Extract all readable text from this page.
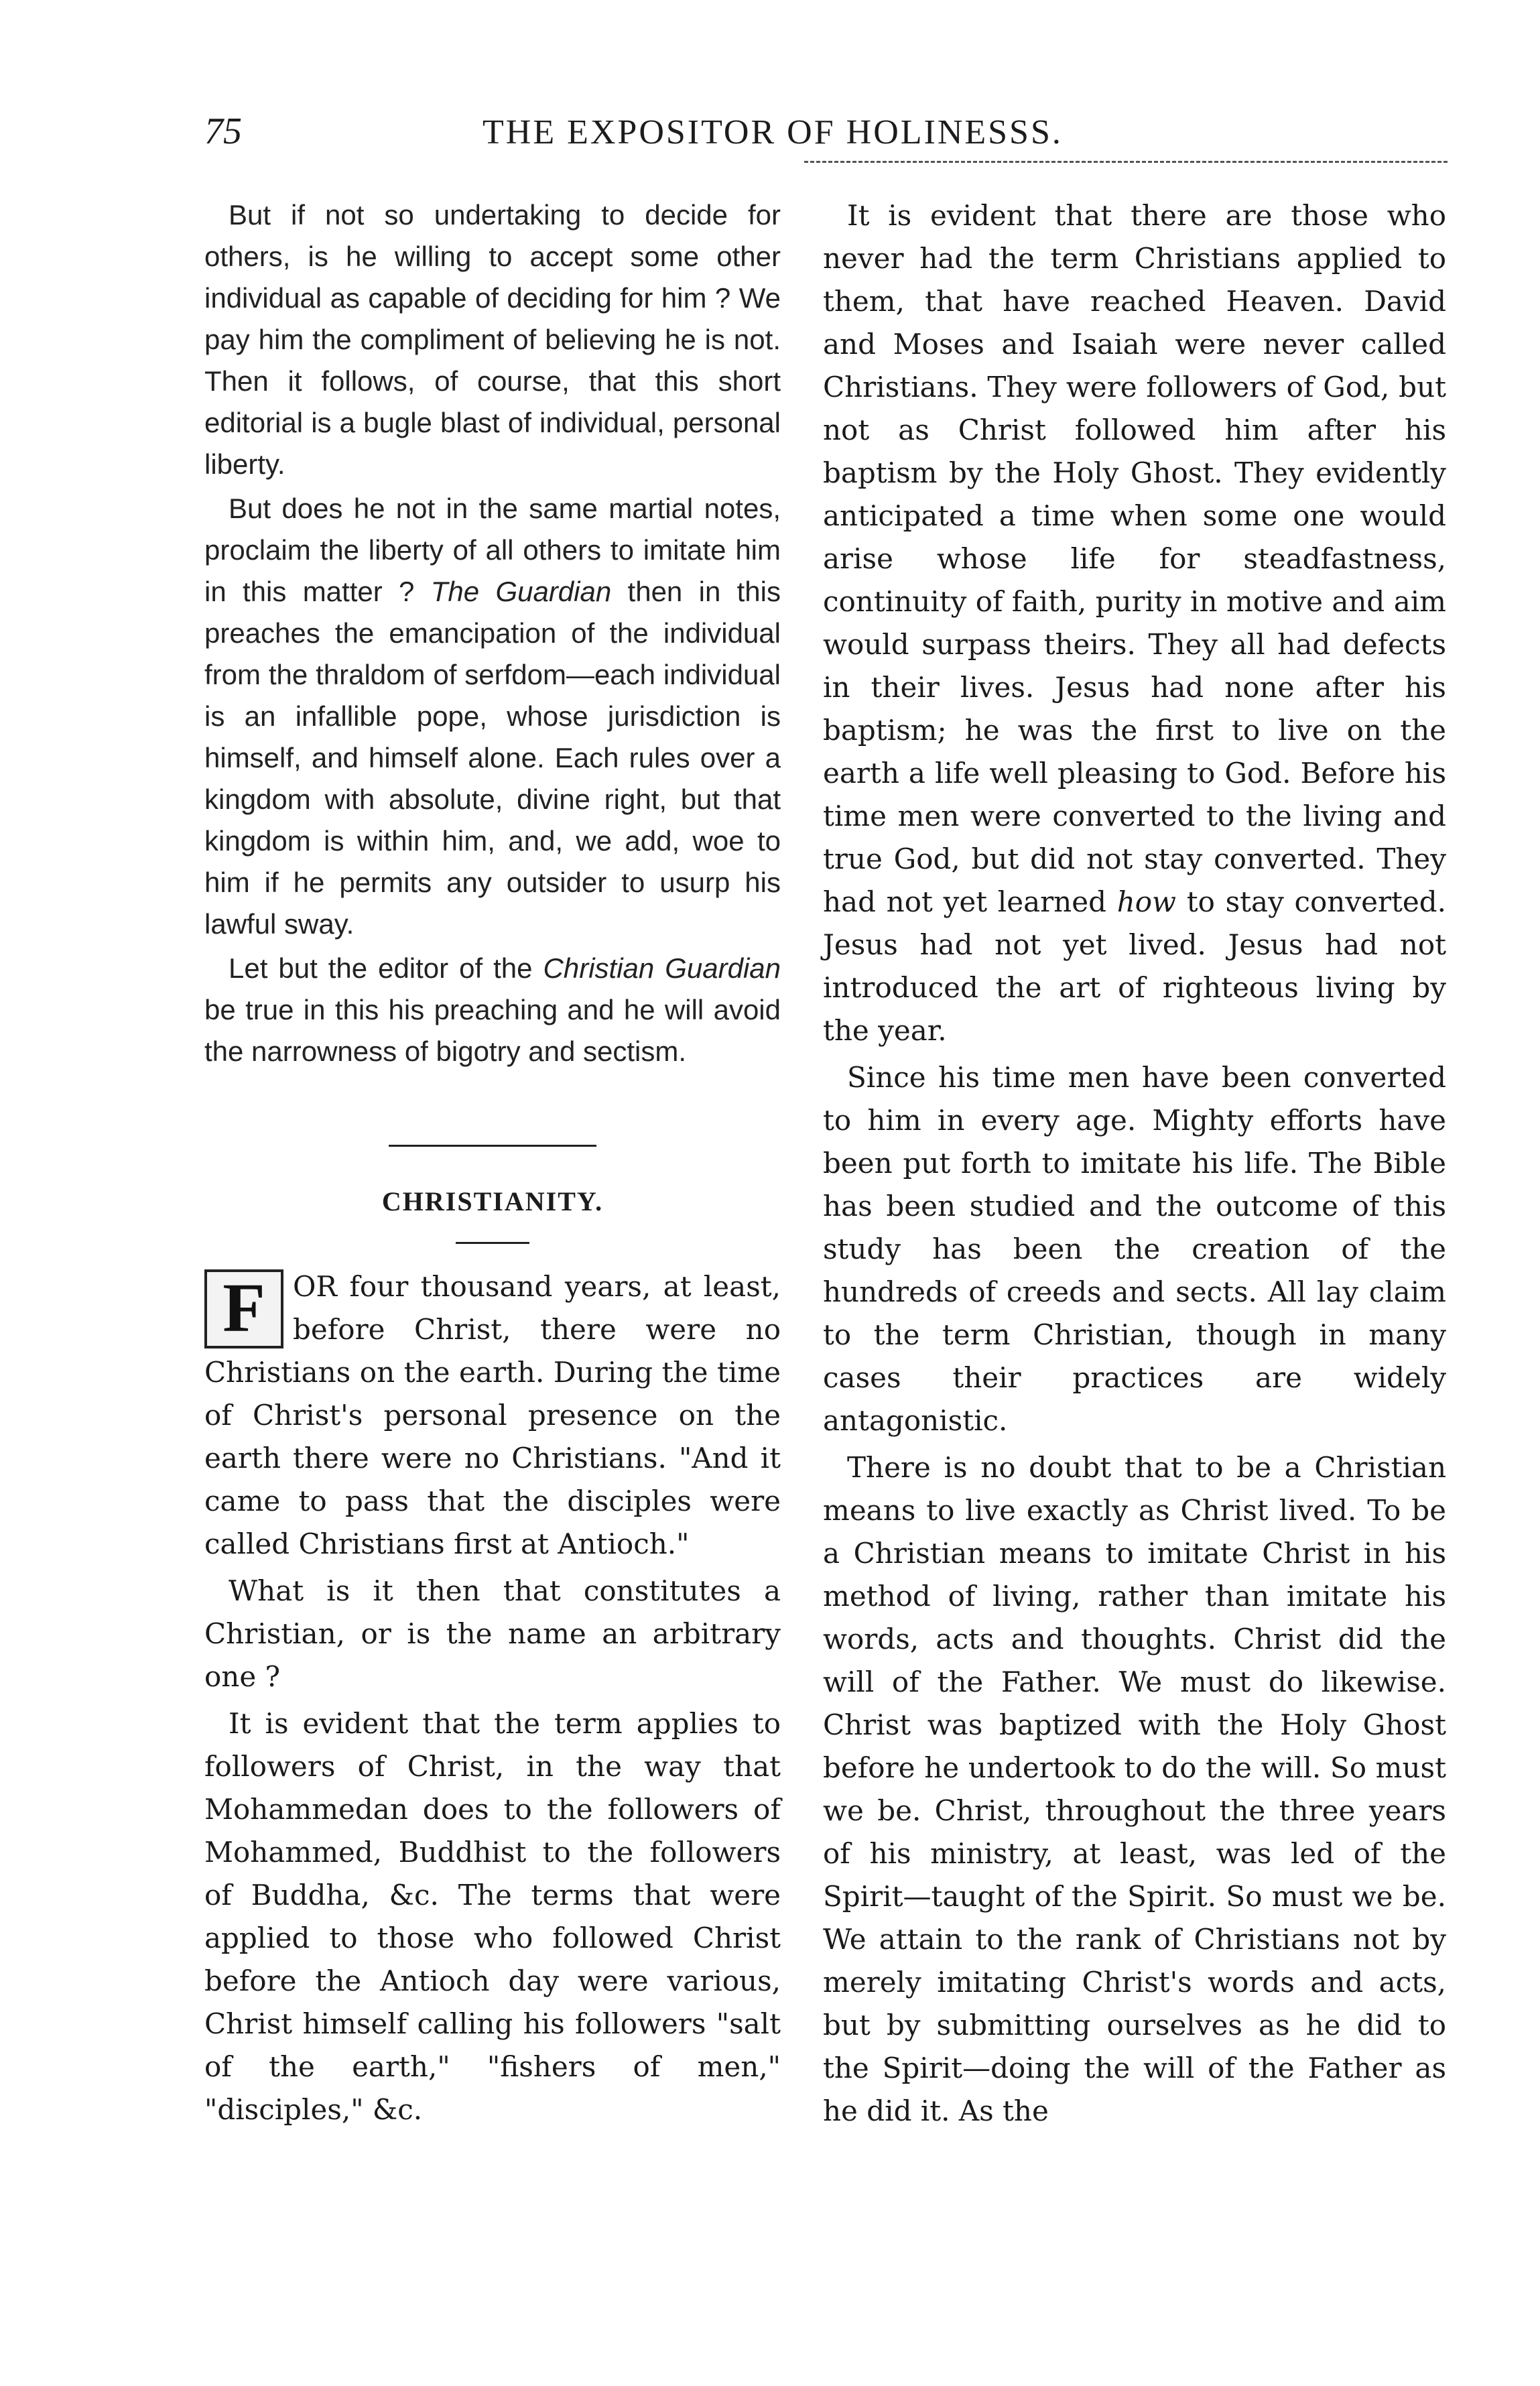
75	THE EXPOSITOR OF HOLINESSS.

But if not so undertaking to decide for others, is he willing to accept some other individual as capable of deciding for him ? We pay him the compliment of believing he is not. Then it follows, of course, that this short editorial is a bugle blast of individual, personal liberty.

But does he not in the same martial notes, proclaim the liberty of all others to imitate him in this matter ? The Guardian then in this preaches the emancipation of the individual from the thraldom of serfdom—each individual is an infallible pope, whose jurisdiction is himself, and himself alone. Each rules over a kingdom with absolute, divine right, but that kingdom is within him, and, we add, woe to him if he permits any outsider to usurp his lawful sway.

Let but the editor of the Christian Guardian be true in this his preaching and he will avoid the narrowness of bigotry and sectism.

CHRISTIANITY.

F OR four thousand years, at least, before Christ, there were no Christians on the earth. During the time of Christ's personal presence on the earth there were no Christians. "And it came to pass that the disciples were called Christians first at Antioch."

What is it then that constitutes a Christian, or is the name an arbitrary one ?

It is evident that the term applies to followers of Christ, in the way that Mohammedan does to the followers of Mohammed, Buddhist to the followers of Buddha, &c. The terms that were applied to those who followed Christ before the Antioch day were various, Christ himself calling his followers "salt of the earth," "fishers of men," "disciples," &c.

It is evident that there are those who never had the term Christians applied to them, that have reached Heaven. David and Moses and Isaiah were never called Christians. They were followers of God, but not as Christ followed him after his baptism by the Holy Ghost. They evidently anticipated a time when some one would arise whose life for steadfastness, continuity of faith, purity in motive and aim would surpass theirs. They all had defects in their lives. Jesus had none after his baptism; he was the first to live on the earth a life well pleasing to God. Before his time men were converted to the living and true God, but did not stay converted. They had not yet learned how to stay converted. Jesus had not yet lived. Jesus had not introduced the art of righteous living by the year.

Since his time men have been converted to him in every age. Mighty efforts have been put forth to imitate his life. The Bible has been studied and the outcome of this study has been the creation of the hundreds of creeds and sects. All lay claim to the term Christian, though in many cases their practices are widely antagonistic.

There is no doubt that to be a Christian means to live exactly as Christ lived. To be a Christian means to imitate Christ in his method of living, rather than imitate his words, acts and thoughts. Christ did the will of the Father. We must do likewise. Christ was baptized with the Holy Ghost before he undertook to do the will. So must we be. Christ, throughout the three years of his ministry, at least, was led of the Spirit—taught of the Spirit. So must we be. We attain to the rank of Christians not by merely imitating Christ's words and acts, but by submitting ourselves as he did to the Spirit—doing the will of the Father as he did it. As the
